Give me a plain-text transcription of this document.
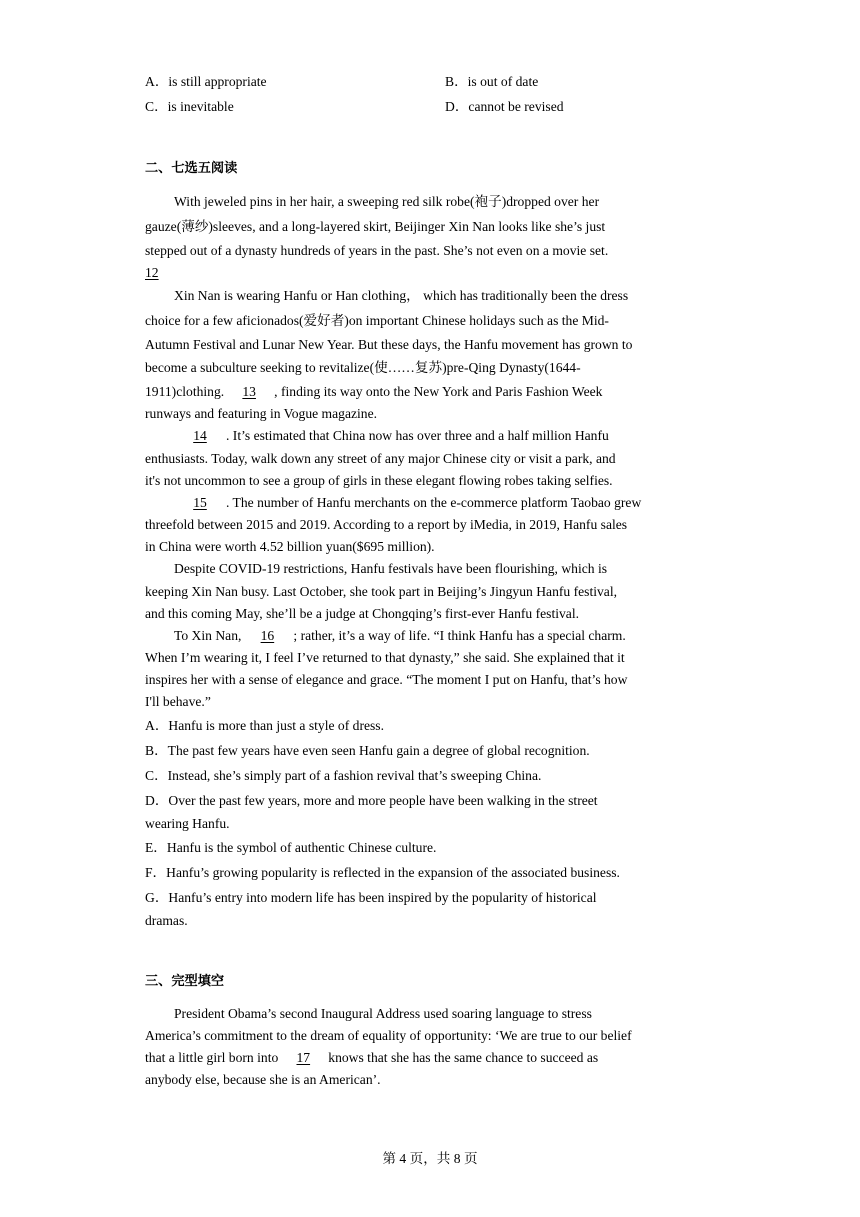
A．is still appropriate	B．is out of date
C．is inevitable	D．cannot be revised
二、七选五阅读
With jeweled pins in her hair, a sweeping red silk robe(袍子)dropped over her
gauze(薄纱)sleeves, and a long-layered skirt, Beijinger Xin Nan looks like she’s just
stepped out of a dynasty hundreds of years in the past. She’s not even on a movie set.
12
Xin Nan is wearing Hanfu or Han clothing， which has traditionally been the dress
choice for a few aficionados(爱好者)on important Chinese holidays such as the Mid-
Autumn Festival and Lunar New Year. But these days, the Hanfu movement has grown to
become a subculture seeking to revitalize(使……复苏)pre-Qing Dynasty(1644-
1911)clothing. 13 , finding its way onto the New York and Paris Fashion Week
runways and featuring in Vogue magazine.
14 . It’s estimated that China now has over three and a half million Hanfu
enthusiasts. Today, walk down any street of any major Chinese city or visit a park, and
it's not uncommon to see a group of girls in these elegant flowing robes taking selfies.
15 . The number of Hanfu merchants on the e-commerce platform Taobao grew
threefold between 2015 and 2019. According to a report by iMedia, in 2019, Hanfu sales
in China were worth 4.52 billion yuan($695 million).
Despite COVID-19 restrictions, Hanfu festivals have been flourishing, which is
keeping Xin Nan busy. Last October, she took part in Beijing’s Jingyun Hanfu festival,
and this coming May, she’ll be a judge at Chongqing’s first-ever Hanfu festival.
To Xin Nan, 16 ; rather, it’s a way of life. “I think Hanfu has a special charm.
When I’m wearing it, I feel I’ve returned to that dynasty,” she said. She explained that it
inspires her with a sense of elegance and grace. “The moment I put on Hanfu, that’s how
I'll behave.”
A．Hanfu is more than just a style of dress.
B．The past few years have even seen Hanfu gain a degree of global recognition.
C．Instead, she’s simply part of a fashion revival that’s sweeping China.
D．Over the past few years, more and more people have been walking in the street
wearing Hanfu.
E．Hanfu is the symbol of authentic Chinese culture.
F．Hanfu’s growing popularity is reflected in the expansion of the associated business.
G．Hanfu’s entry into modern life has been inspired by the popularity of historical
dramas.
三、完型填空
President Obama’s second Inaugural Address used soaring language to stress
America’s commitment to the dream of equality of opportunity: ‘We are true to our belief
that a little girl born into 17 knows that she has the same chance to succeed as
anybody else, because she is an American’.
第 4 页，共 8 页
